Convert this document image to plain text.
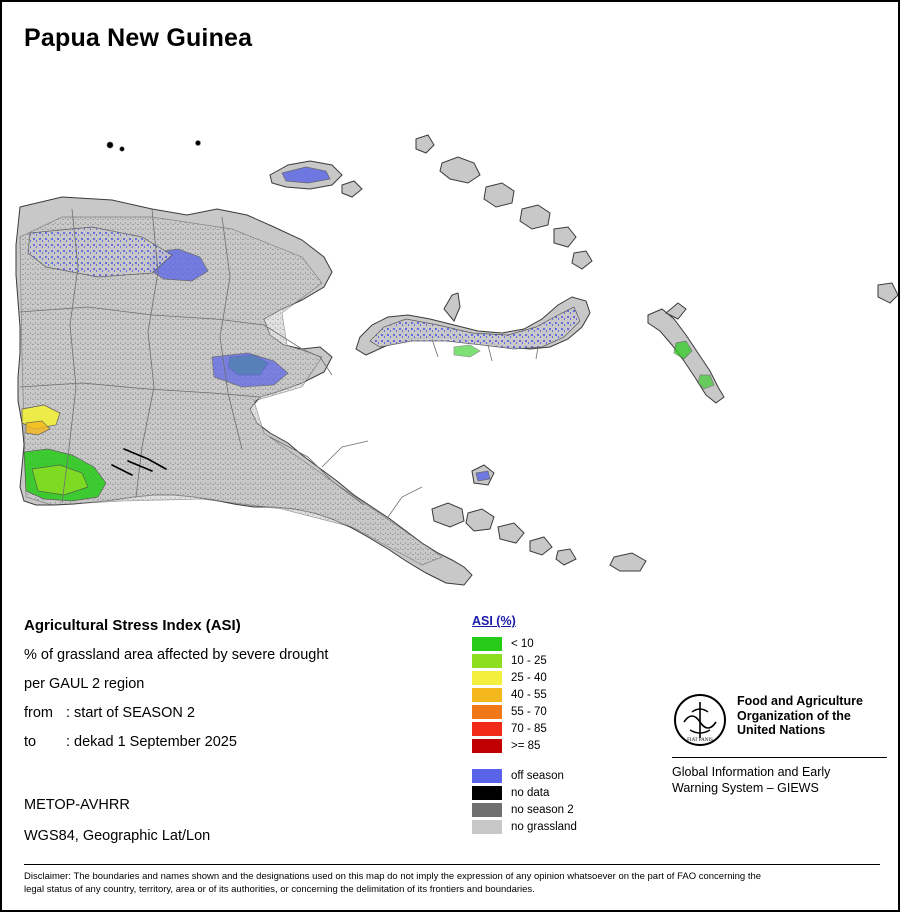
Papua New Guinea
Agricultural Stress Index (ASI)
% of grassland area affected by severe drought
per GAUL 2 region
from : start of SEASON 2
to : dekad 1 September 2025
METOP-AVHRR
WGS84, Geographic Lat/Lon
ASI (%)
< 10
10 - 25
25 - 40
40 - 55
55 - 70
70 - 85
>= 85
off season
no data
no season 2
no grassland
FIAT PANIS
Food and Agriculture
Organization of the
United Nations
Global Information and Early
Warning System – GIEWS
Disclaimer: The boundaries and names shown and the designations used on this map do not imply the expression of any opinion whatsoever on the part of FAO concerning the legal status of any country, territory, area or of its authorities, or concerning the delimitation of its frontiers and boundaries.
